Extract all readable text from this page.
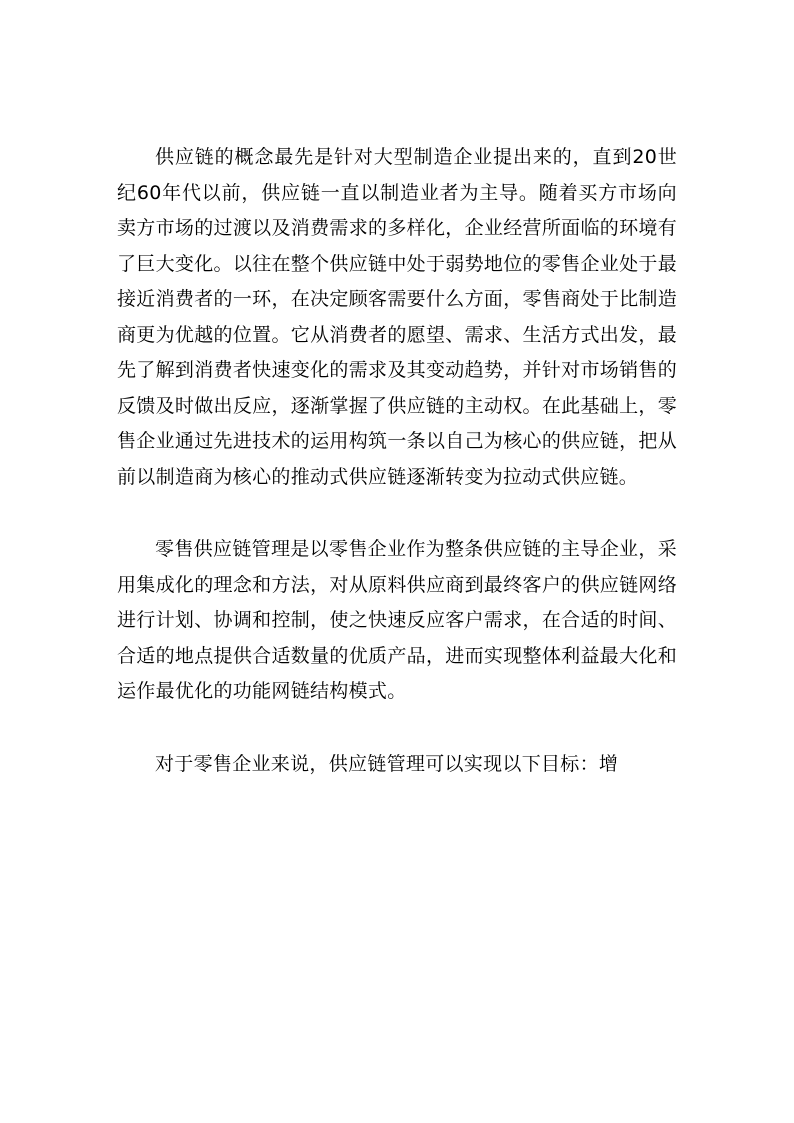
供应链的概念最先是针对大型制造企业提出来的，直到20世纪60年代以前，供应链一直以制造业者为主导。随着买方市场向卖方市场的过渡以及消费需求的多样化，企业经营所面临的环境有了巨大变化。以往在整个供应链中处于弱势地位的零售企业处于最接近消费者的一环，在决定顾客需要什么方面，零售商处于比制造商更为优越的位置。它从消费者的愿望、需求、生活方式出发，最先了解到消费者快速变化的需求及其变动趋势，并针对市场销售的反馈及时做出反应，逐渐掌握了供应链的主动权。在此基础上，零售企业通过先进技术的运用构筑一条以自己为核心的供应链，把从前以制造商为核心的推动式供应链逐渐转变为拉动式供应链。

零售供应链管理是以零售企业作为整条供应链的主导企业，采用集成化的理念和方法，对从原料供应商到最终客户的供应链网络进行计划、协调和控制，使之快速反应客户需求，在合适的时间、合适的地点提供合适数量的优质产品，进而实现整体利益最大化和运作最优化的功能网链结构模式。

对于零售企业来说，供应链管理可以实现以下目标：增
